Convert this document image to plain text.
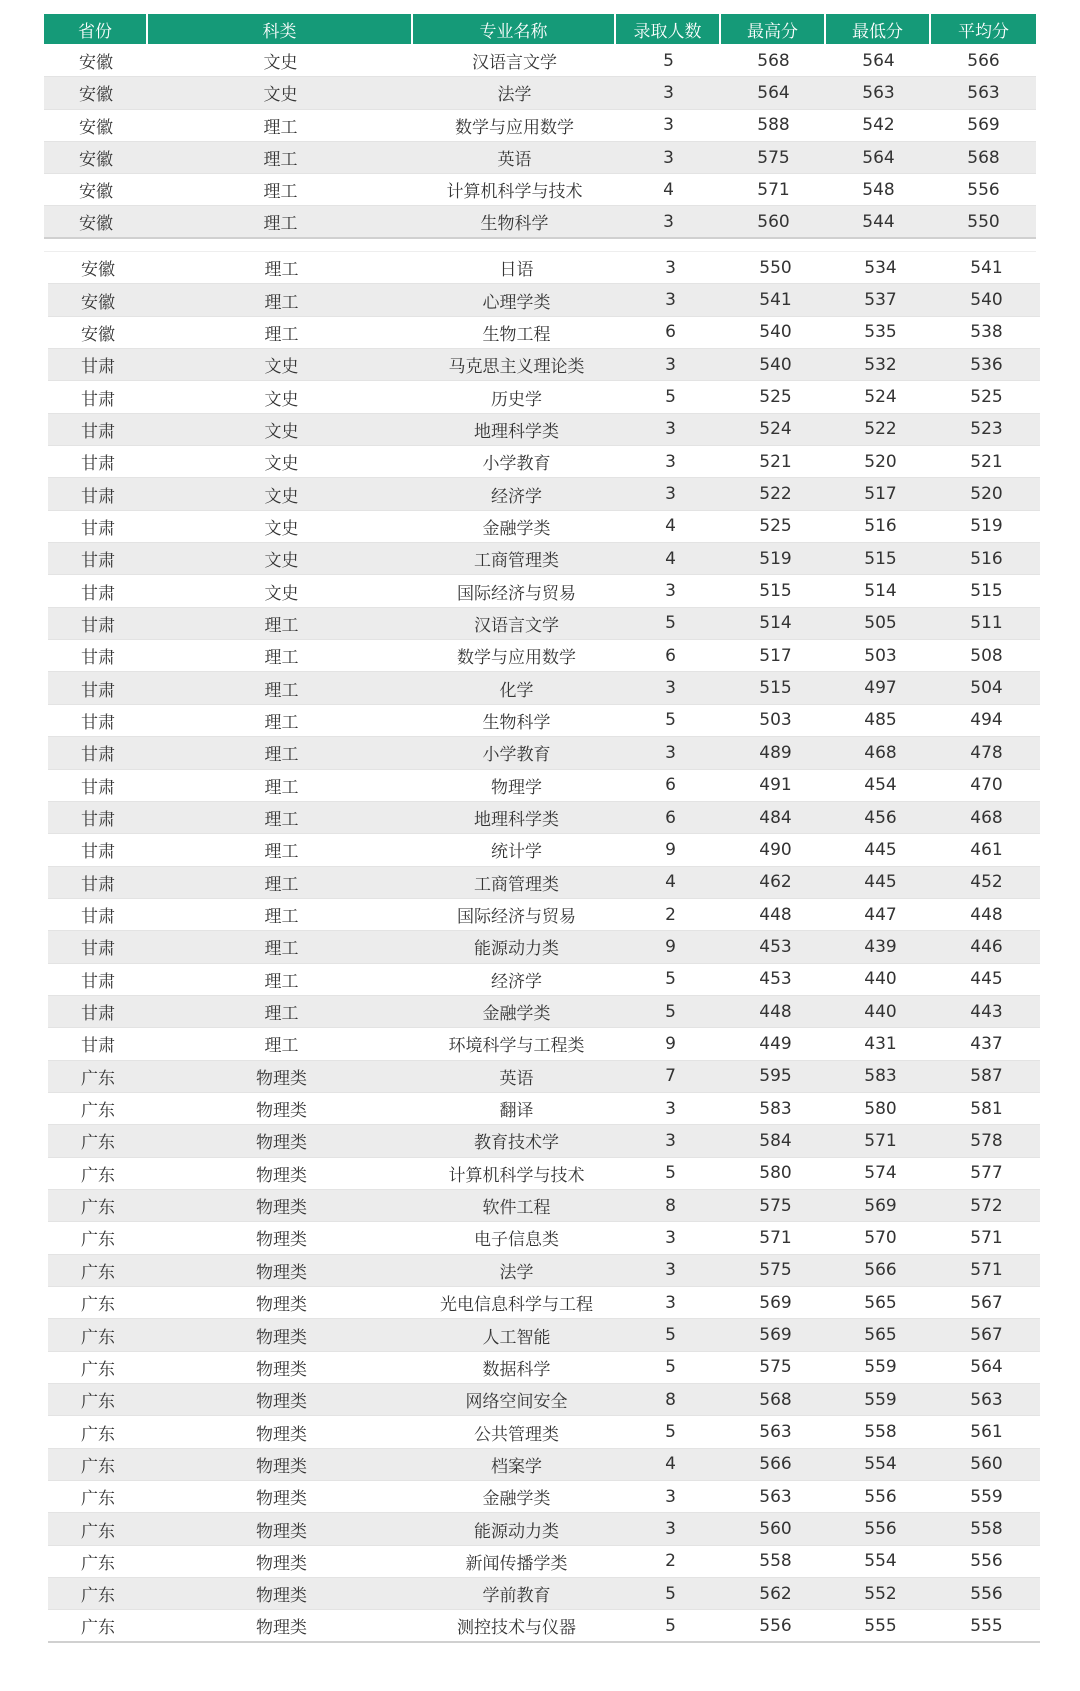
省份	科类	专业名称	录取人数	最高分	最低分	平均分
安徽	文史	汉语言文学	5	568	564	566
安徽	文史	法学	3	564	563	563
安徽	理工	数学与应用数学	3	588	542	569
安徽	理工	英语	3	575	564	568
安徽	理工	计算机科学与技术	4	571	548	556
安徽	理工	生物科学	3	560	544	550
安徽	理工	日语	3	550	534	541
安徽	理工	心理学类	3	541	537	540
安徽	理工	生物工程	6	540	535	538
甘肃	文史	马克思主义理论类	3	540	532	536
甘肃	文史	历史学	5	525	524	525
甘肃	文史	地理科学类	3	524	522	523
甘肃	文史	小学教育	3	521	520	521
甘肃	文史	经济学	3	522	517	520
甘肃	文史	金融学类	4	525	516	519
甘肃	文史	工商管理类	4	519	515	516
甘肃	文史	国际经济与贸易	3	515	514	515
甘肃	理工	汉语言文学	5	514	505	511
甘肃	理工	数学与应用数学	6	517	503	508
甘肃	理工	化学	3	515	497	504
甘肃	理工	生物科学	5	503	485	494
甘肃	理工	小学教育	3	489	468	478
甘肃	理工	物理学	6	491	454	470
甘肃	理工	地理科学类	6	484	456	468
甘肃	理工	统计学	9	490	445	461
甘肃	理工	工商管理类	4	462	445	452
甘肃	理工	国际经济与贸易	2	448	447	448
甘肃	理工	能源动力类	9	453	439	446
甘肃	理工	经济学	5	453	440	445
甘肃	理工	金融学类	5	448	440	443
甘肃	理工	环境科学与工程类	9	449	431	437
广东	物理类	英语	7	595	583	587
广东	物理类	翻译	3	583	580	581
广东	物理类	教育技术学	3	584	571	578
广东	物理类	计算机科学与技术	5	580	574	577
广东	物理类	软件工程	8	575	569	572
广东	物理类	电子信息类	3	571	570	571
广东	物理类	法学	3	575	566	571
广东	物理类	光电信息科学与工程	3	569	565	567
广东	物理类	人工智能	5	569	565	567
广东	物理类	数据科学	5	575	559	564
广东	物理类	网络空间安全	8	568	559	563
广东	物理类	公共管理类	5	563	558	561
广东	物理类	档案学	4	566	554	560
广东	物理类	金融学类	3	563	556	559
广东	物理类	能源动力类	3	560	556	558
广东	物理类	新闻传播学类	2	558	554	556
广东	物理类	学前教育	5	562	552	556
广东	物理类	测控技术与仪器	5	556	555	555
